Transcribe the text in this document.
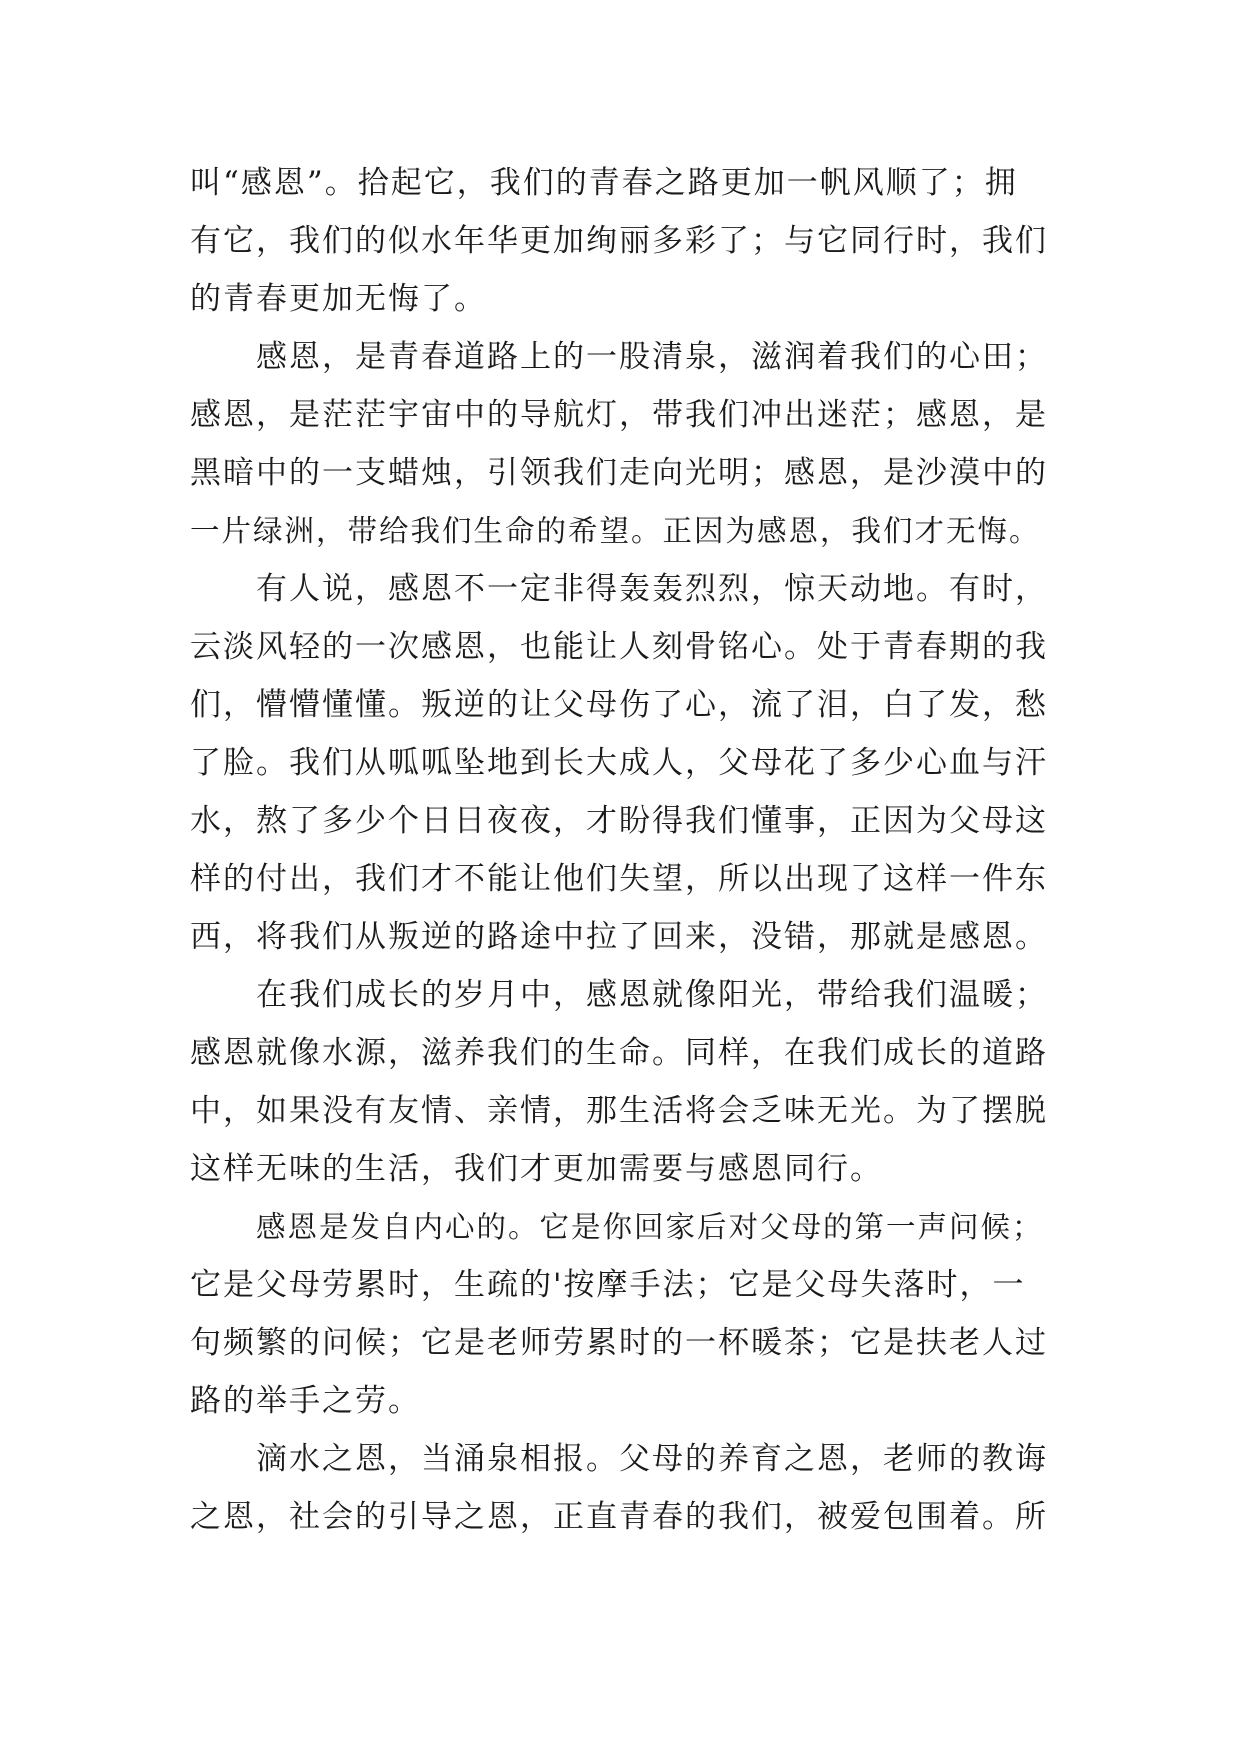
叫“感恩”。拾起它，我们的青春之路更加一帆风顺了；拥
有它，我们的似水年华更加绚丽多彩了；与它同行时，我们
的青春更加无悔了。
感恩，是青春道路上的一股清泉，滋润着我们的心田；
感恩，是茫茫宇宙中的导航灯，带我们冲出迷茫；感恩，是
黑暗中的一支蜡烛，引领我们走向光明；感恩，是沙漠中的
一片绿洲，带给我们生命的希望。正因为感恩，我们才无悔。
有人说，感恩不一定非得轰轰烈烈，惊天动地。有时，
云淡风轻的一次感恩，也能让人刻骨铭心。处于青春期的我
们，懵懵懂懂。叛逆的让父母伤了心，流了泪，白了发，愁
了脸。我们从呱呱坠地到长大成人，父母花了多少心血与汗
水，熬了多少个日日夜夜，才盼得我们懂事，正因为父母这
样的付出，我们才不能让他们失望，所以出现了这样一件东
西，将我们从叛逆的路途中拉了回来，没错，那就是感恩。
在我们成长的岁月中，感恩就像阳光，带给我们温暖；
感恩就像水源，滋养我们的生命。同样，在我们成长的道路
中，如果没有友情、亲情，那生活将会乏味无光。为了摆脱
这样无味的生活，我们才更加需要与感恩同行。
感恩是发自内心的。它是你回家后对父母的第一声问候；
它是父母劳累时，生疏的'按摩手法；它是父母失落时，一
句频繁的问候；它是老师劳累时的一杯暖茶；它是扶老人过
路的举手之劳。
滴水之恩，当涌泉相报。父母的养育之恩，老师的教诲
之恩，社会的引导之恩，正直青春的我们，被爱包围着。所
